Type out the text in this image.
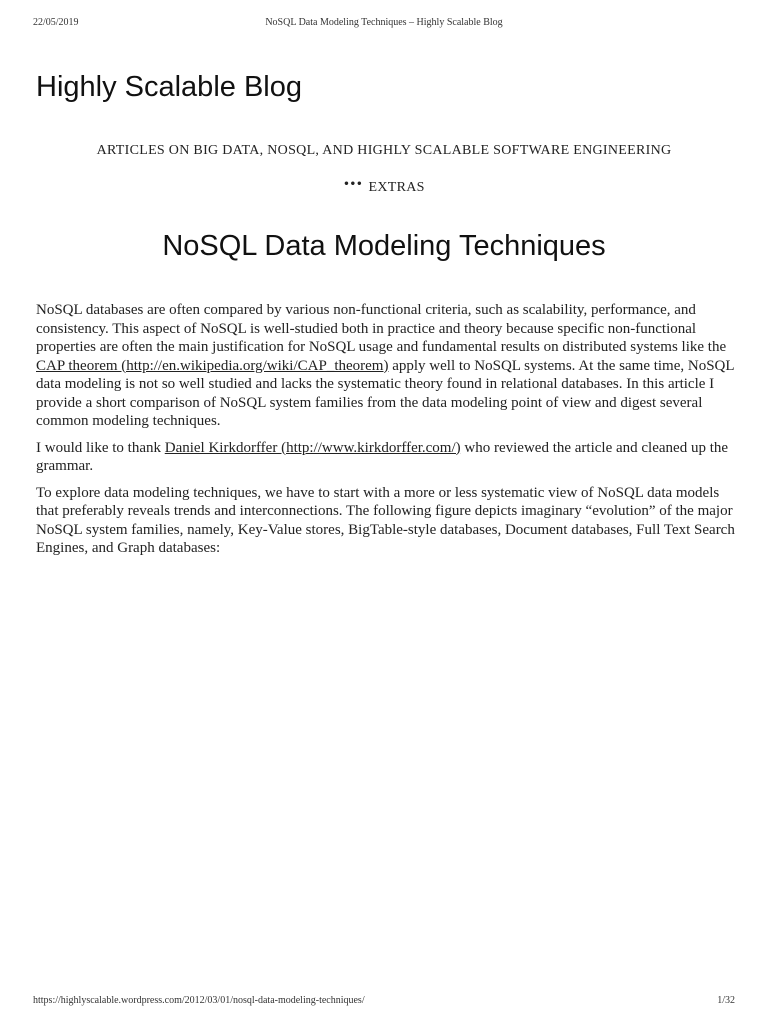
22/05/2019	NoSQL Data Modeling Techniques – Highly Scalable Blog
Highly Scalable Blog
ARTICLES ON BIG DATA, NOSQL, AND HIGHLY SCALABLE SOFTWARE ENGINEERING
••• EXTRAS
NoSQL Data Modeling Techniques

NoSQL databases are often compared by various non-functional criteria, such as scalability, performance, and consistency. This aspect of NoSQL is well-studied both in practice and theory because specific non-functional properties are often the main justification for NoSQL usage and fundamental results on distributed systems like the CAP theorem (http://en.wikipedia.org/wiki/CAP_theorem) apply well to NoSQL systems. At the same time, NoSQL data modeling is not so well studied and lacks the systematic theory found in relational databases. In this article I provide a short comparison of NoSQL system families from the data modeling point of view and digest several common modeling techniques.

I would like to thank Daniel Kirkdorffer (http://www.kirkdorffer.com/) who reviewed the article and cleaned up the grammar.

To explore data modeling techniques, we have to start with a more or less systematic view of NoSQL data models that preferably reveals trends and interconnections. The following figure depicts imaginary “evolution” of the major NoSQL system families, namely, Key-Value stores, BigTable-style databases, Document databases, Full Text Search Engines, and Graph databases:

https://highlyscalable.wordpress.com/2012/03/01/nosql-data-modeling-techniques/	1/32
